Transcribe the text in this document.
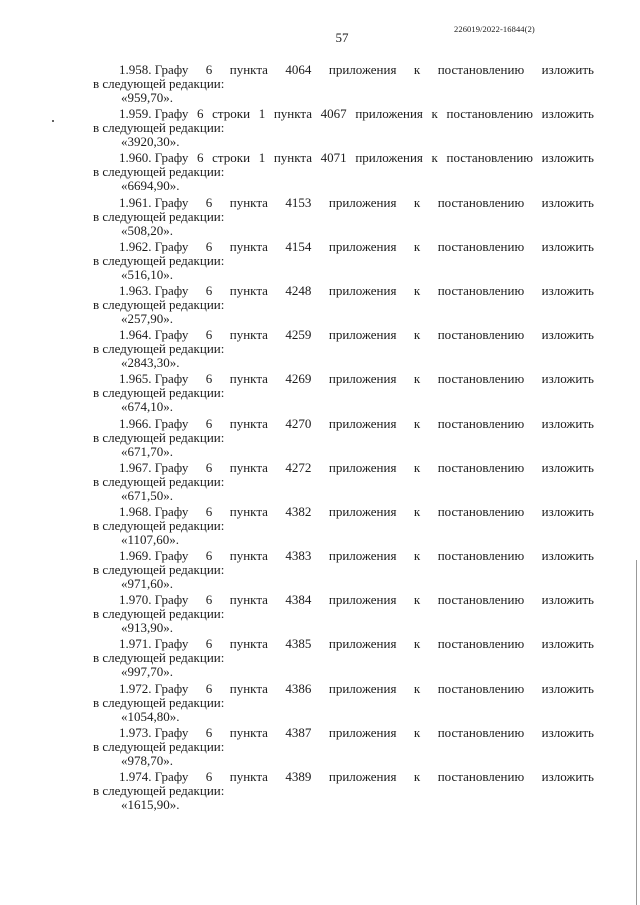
57
226019/2022-16844(2)
1.958. Графу 6 пункта 4064 приложения к постановлению изложить
в следующей редакции:
«959,70».
1.959. Графу 6 строки 1 пункта 4067 приложения к постановлению изложить
в следующей редакции:
«3920,30».
1.960. Графу 6 строки 1 пункта 4071 приложения к постановлению изложить
в следующей редакции:
«6694,90».
1.961. Графу 6 пункта 4153 приложения к постановлению изложить
в следующей редакции:
«508,20».
1.962. Графу 6 пункта 4154 приложения к постановлению изложить
в следующей редакции:
«516,10».
1.963. Графу 6 пункта 4248 приложения к постановлению изложить
в следующей редакции:
«257,90».
1.964. Графу 6 пункта 4259 приложения к постановлению изложить
в следующей редакции:
«2843,30».
1.965. Графу 6 пункта 4269 приложения к постановлению изложить
в следующей редакции:
«674,10».
1.966. Графу 6 пункта 4270 приложения к постановлению изложить
в следующей редакции:
«671,70».
1.967. Графу 6 пункта 4272 приложения к постановлению изложить
в следующей редакции:
«671,50».
1.968. Графу 6 пункта 4382 приложения к постановлению изложить
в следующей редакции:
«1107,60».
1.969. Графу 6 пункта 4383 приложения к постановлению изложить
в следующей редакции:
«971,60».
1.970. Графу 6 пункта 4384 приложения к постановлению изложить
в следующей редакции:
«913,90».
1.971. Графу 6 пункта 4385 приложения к постановлению изложить
в следующей редакции:
«997,70».
1.972. Графу 6 пункта 4386 приложения к постановлению изложить
в следующей редакции:
«1054,80».
1.973. Графу 6 пункта 4387 приложения к постановлению изложить
в следующей редакции:
«978,70».
1.974. Графу 6 пункта 4389 приложения к постановлению изложить
в следующей редакции:
«1615,90».
